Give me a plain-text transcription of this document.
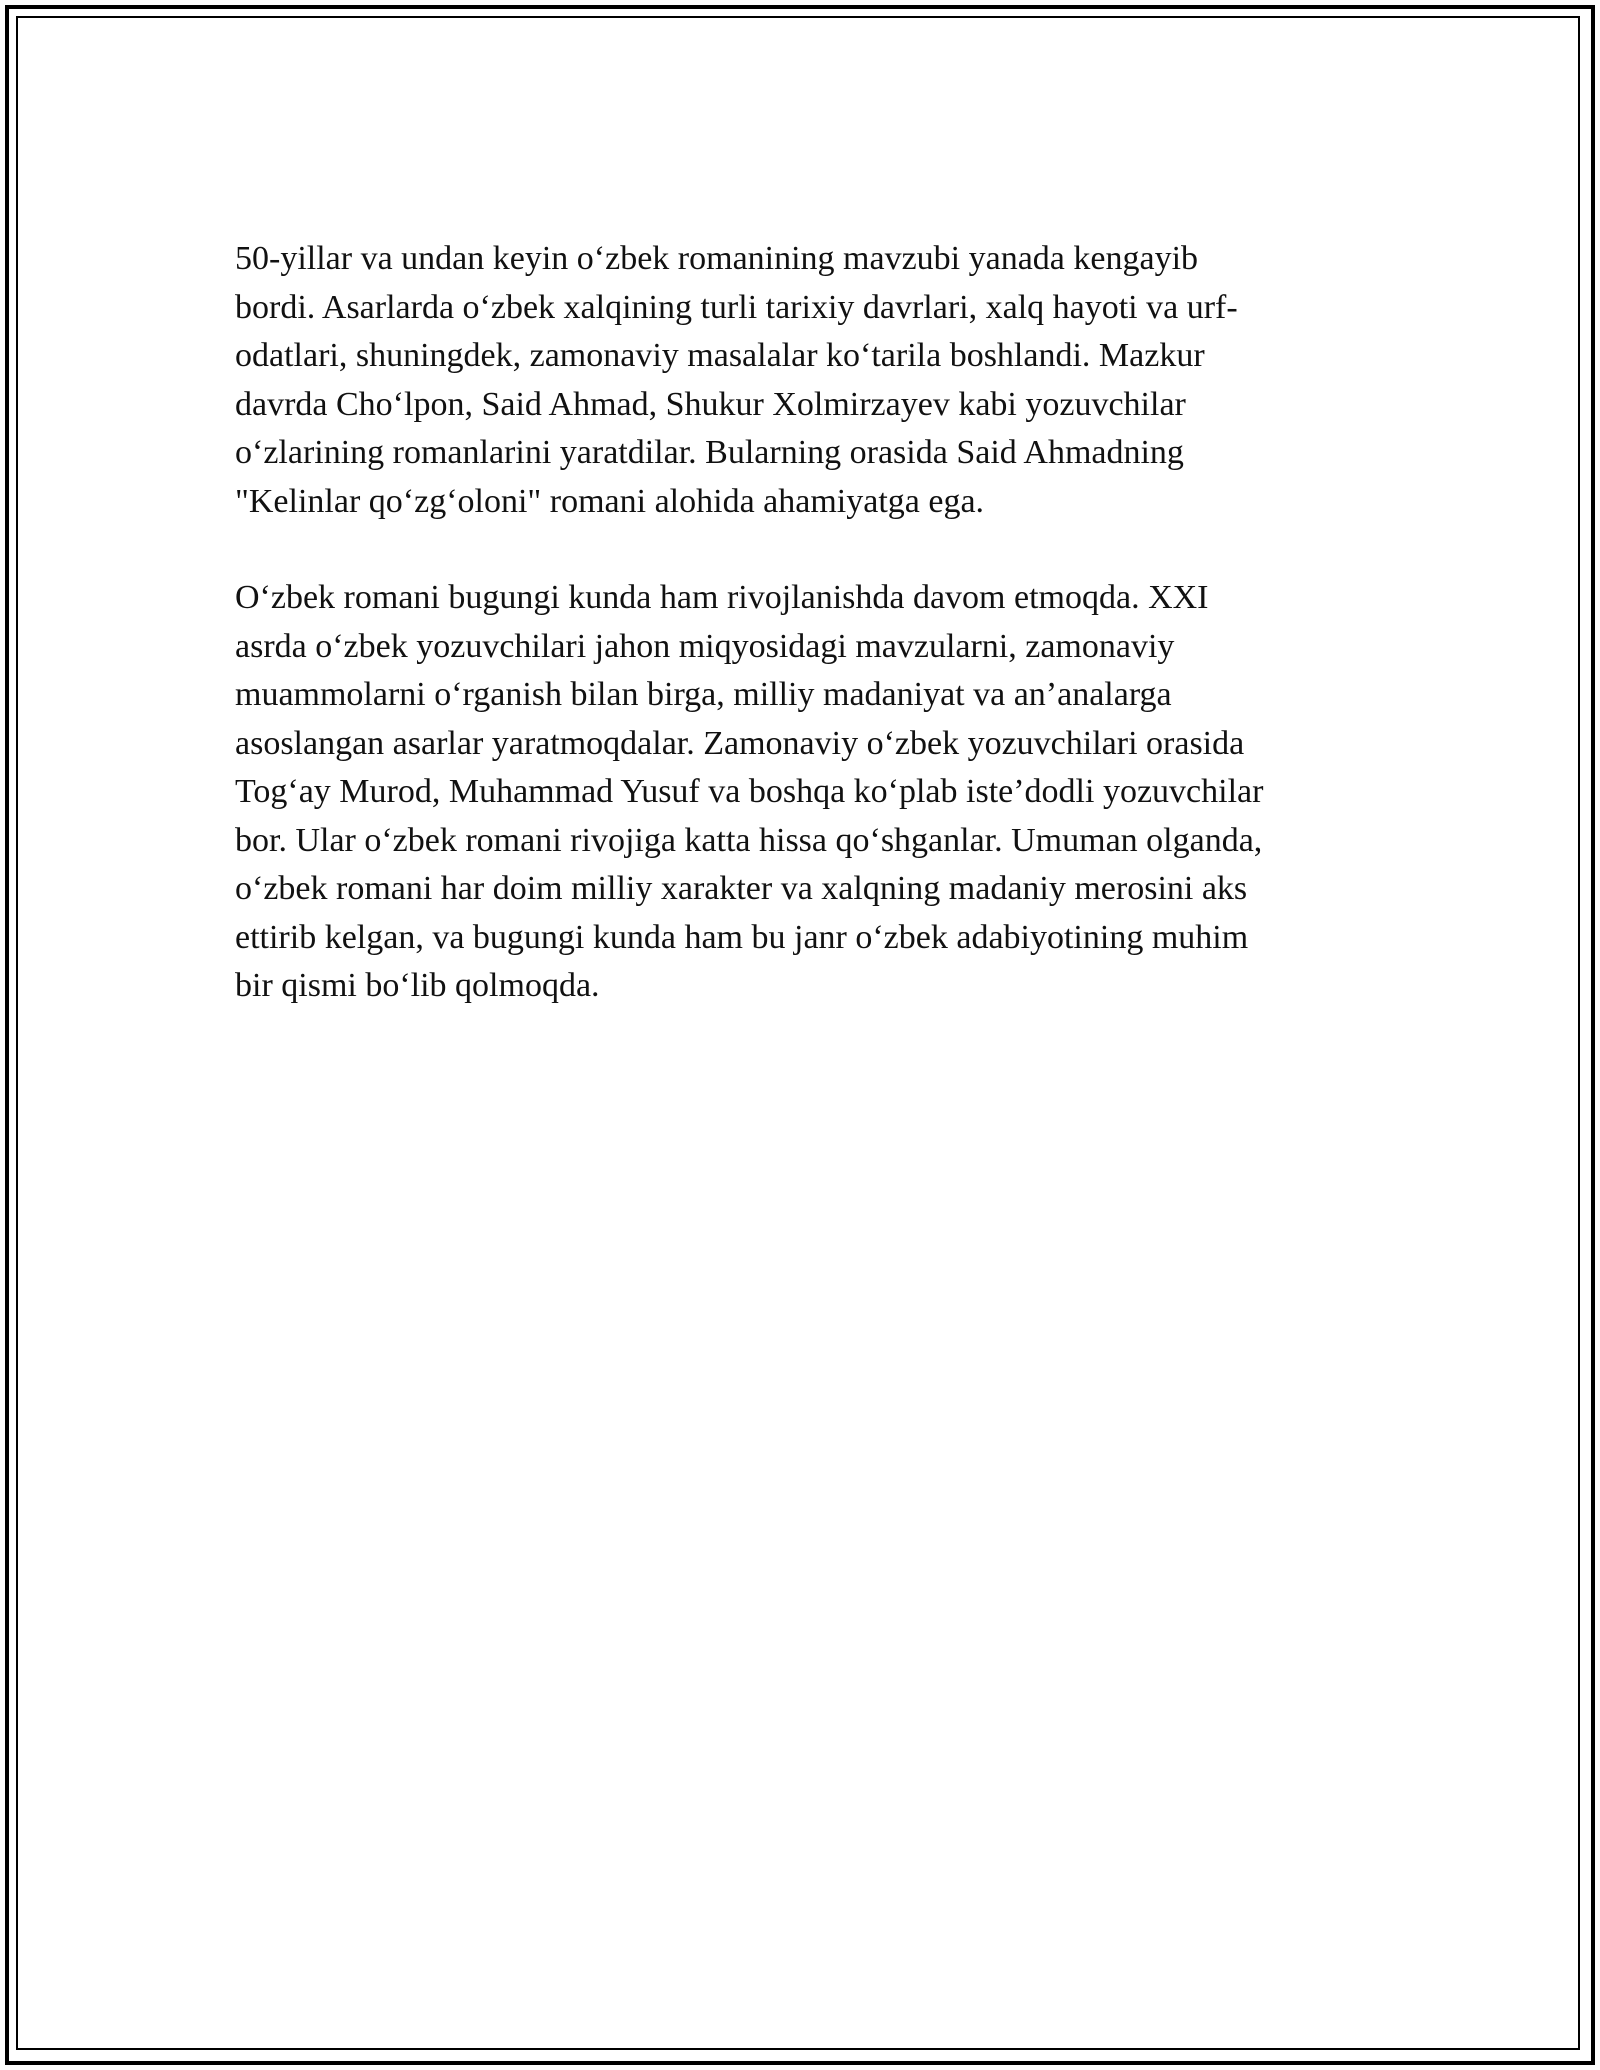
50-yillar va undan keyin o‘zbek romanining mavzubi yanada kengayib
bordi. Asarlarda o‘zbek xalqining turli tarixiy davrlari, xalq hayoti va urf-
odatlari, shuningdek, zamonaviy masalalar ko‘tarila boshlandi. Mazkur
davrda Cho‘lpon, Said Ahmad, Shukur Xolmirzayev kabi yozuvchilar
o‘zlarining romanlarini yaratdilar. Bularning orasida Said Ahmadning
"Kelinlar qo‘zg‘oloni" romani alohida ahamiyatga ega.

O‘zbek romani bugungi kunda ham rivojlanishda davom etmoqda. XXI
asrda o‘zbek yozuvchilari jahon miqyosidagi mavzularni, zamonaviy
muammolarni o‘rganish bilan birga, milliy madaniyat va an’analarga
asoslangan asarlar yaratmoqdalar. Zamonaviy o‘zbek yozuvchilari orasida
Tog‘ay Murod, Muhammad Yusuf va boshqa ko‘plab iste’dodli yozuvchilar
bor. Ular o‘zbek romani rivojiga katta hissa qo‘shganlar. Umuman olganda,
o‘zbek romani har doim milliy xarakter va xalqning madaniy merosini aks
ettirib kelgan, va bugungi kunda ham bu janr o‘zbek adabiyotining muhim
bir qismi bo‘lib qolmoqda.
